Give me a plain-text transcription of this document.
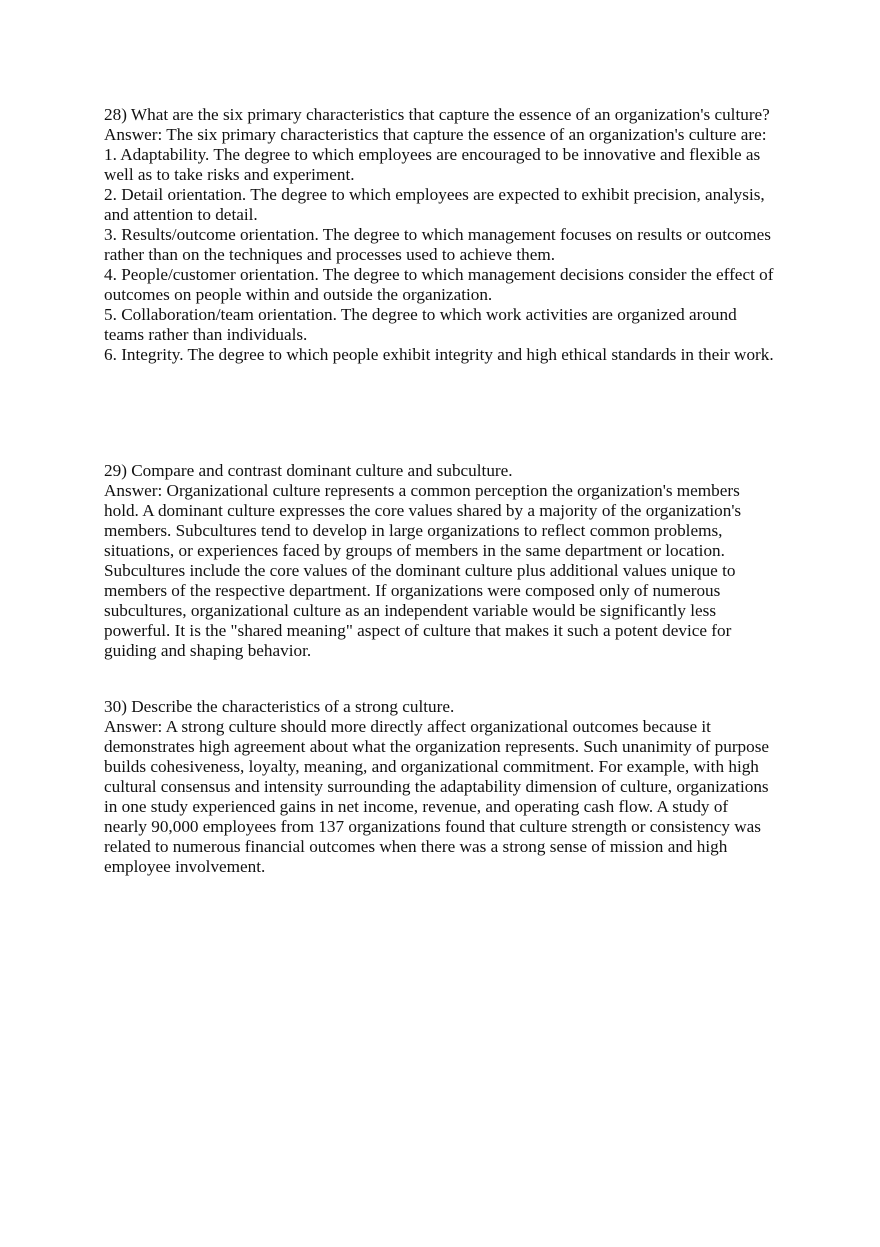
28) What are the six primary characteristics that capture the essence of an organization's culture?
Answer: The six primary characteristics that capture the essence of an organization's culture are:
1. Adaptability. The degree to which employees are encouraged to be innovative and flexible as
well as to take risks and experiment.
2. Detail orientation. The degree to which employees are expected to exhibit precision, analysis,
and attention to detail.
3. Results/outcome orientation. The degree to which management focuses on results or outcomes
rather than on the techniques and processes used to achieve them.
4. People/customer orientation. The degree to which management decisions consider the effect of
outcomes on people within and outside the organization.
5. Collaboration/team orientation. The degree to which work activities are organized around
teams rather than individuals.
6. Integrity. The degree to which people exhibit integrity and high ethical standards in their work.
29) Compare and contrast dominant culture and subculture.
Answer: Organizational culture represents a common perception the organization's members
hold. A dominant culture expresses the core values shared by a majority of the organization's
members. Subcultures tend to develop in large organizations to reflect common problems,
situations, or experiences faced by groups of members in the same department or location.
Subcultures include the core values of the dominant culture plus additional values unique to
members of the respective department. If organizations were composed only of numerous
subcultures, organizational culture as an independent variable would be significantly less
powerful. It is the "shared meaning" aspect of culture that makes it such a potent device for
guiding and shaping behavior.
30) Describe the characteristics of a strong culture.
Answer: A strong culture should more directly affect organizational outcomes because it
demonstrates high agreement about what the organization represents. Such unanimity of purpose
builds cohesiveness, loyalty, meaning, and organizational commitment. For example, with high
cultural consensus and intensity surrounding the adaptability dimension of culture, organizations
in one study experienced gains in net income, revenue, and operating cash flow. A study of
nearly 90,000 employees from 137 organizations found that culture strength or consistency was
related to numerous financial outcomes when there was a strong sense of mission and high
employee involvement.
